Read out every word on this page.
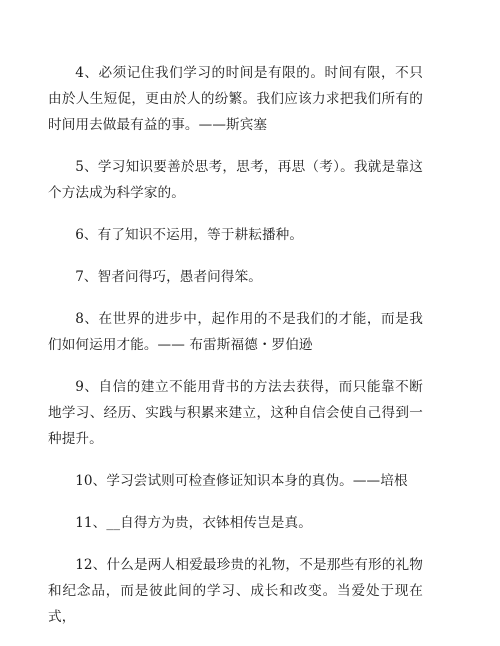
4、必须记住我们学习的时间是有限的。时间有限，不只由於人生短促，更由於人的纷繁。我们应该力求把我们所有的时间用去做最有益的事。——斯宾塞

5、学习知识要善於思考，思考，再思（考）。我就是靠这个方法成为科学家的。

6、有了知识不运用，等于耕耘播种。

7、智者问得巧，愚者问得笨。

8、在世界的进步中，起作用的不是我们的才能，而是我们如何运用才能。—— 布雷斯福德・罗伯逊

9、自信的建立不能用背书的方法去获得，而只能靠不断地学习、经历、实践与积累来建立，这种自信会使自己得到一种提升。

10、学习尝试则可检查修证知识本身的真伪。——培根

11、__自得方为贵，衣钵相传岂是真。

12、什么是两人相爱最珍贵的礼物，不是那些有形的礼物和纪念品，而是彼此间的学习、成长和改变。当爱处于现在式，
